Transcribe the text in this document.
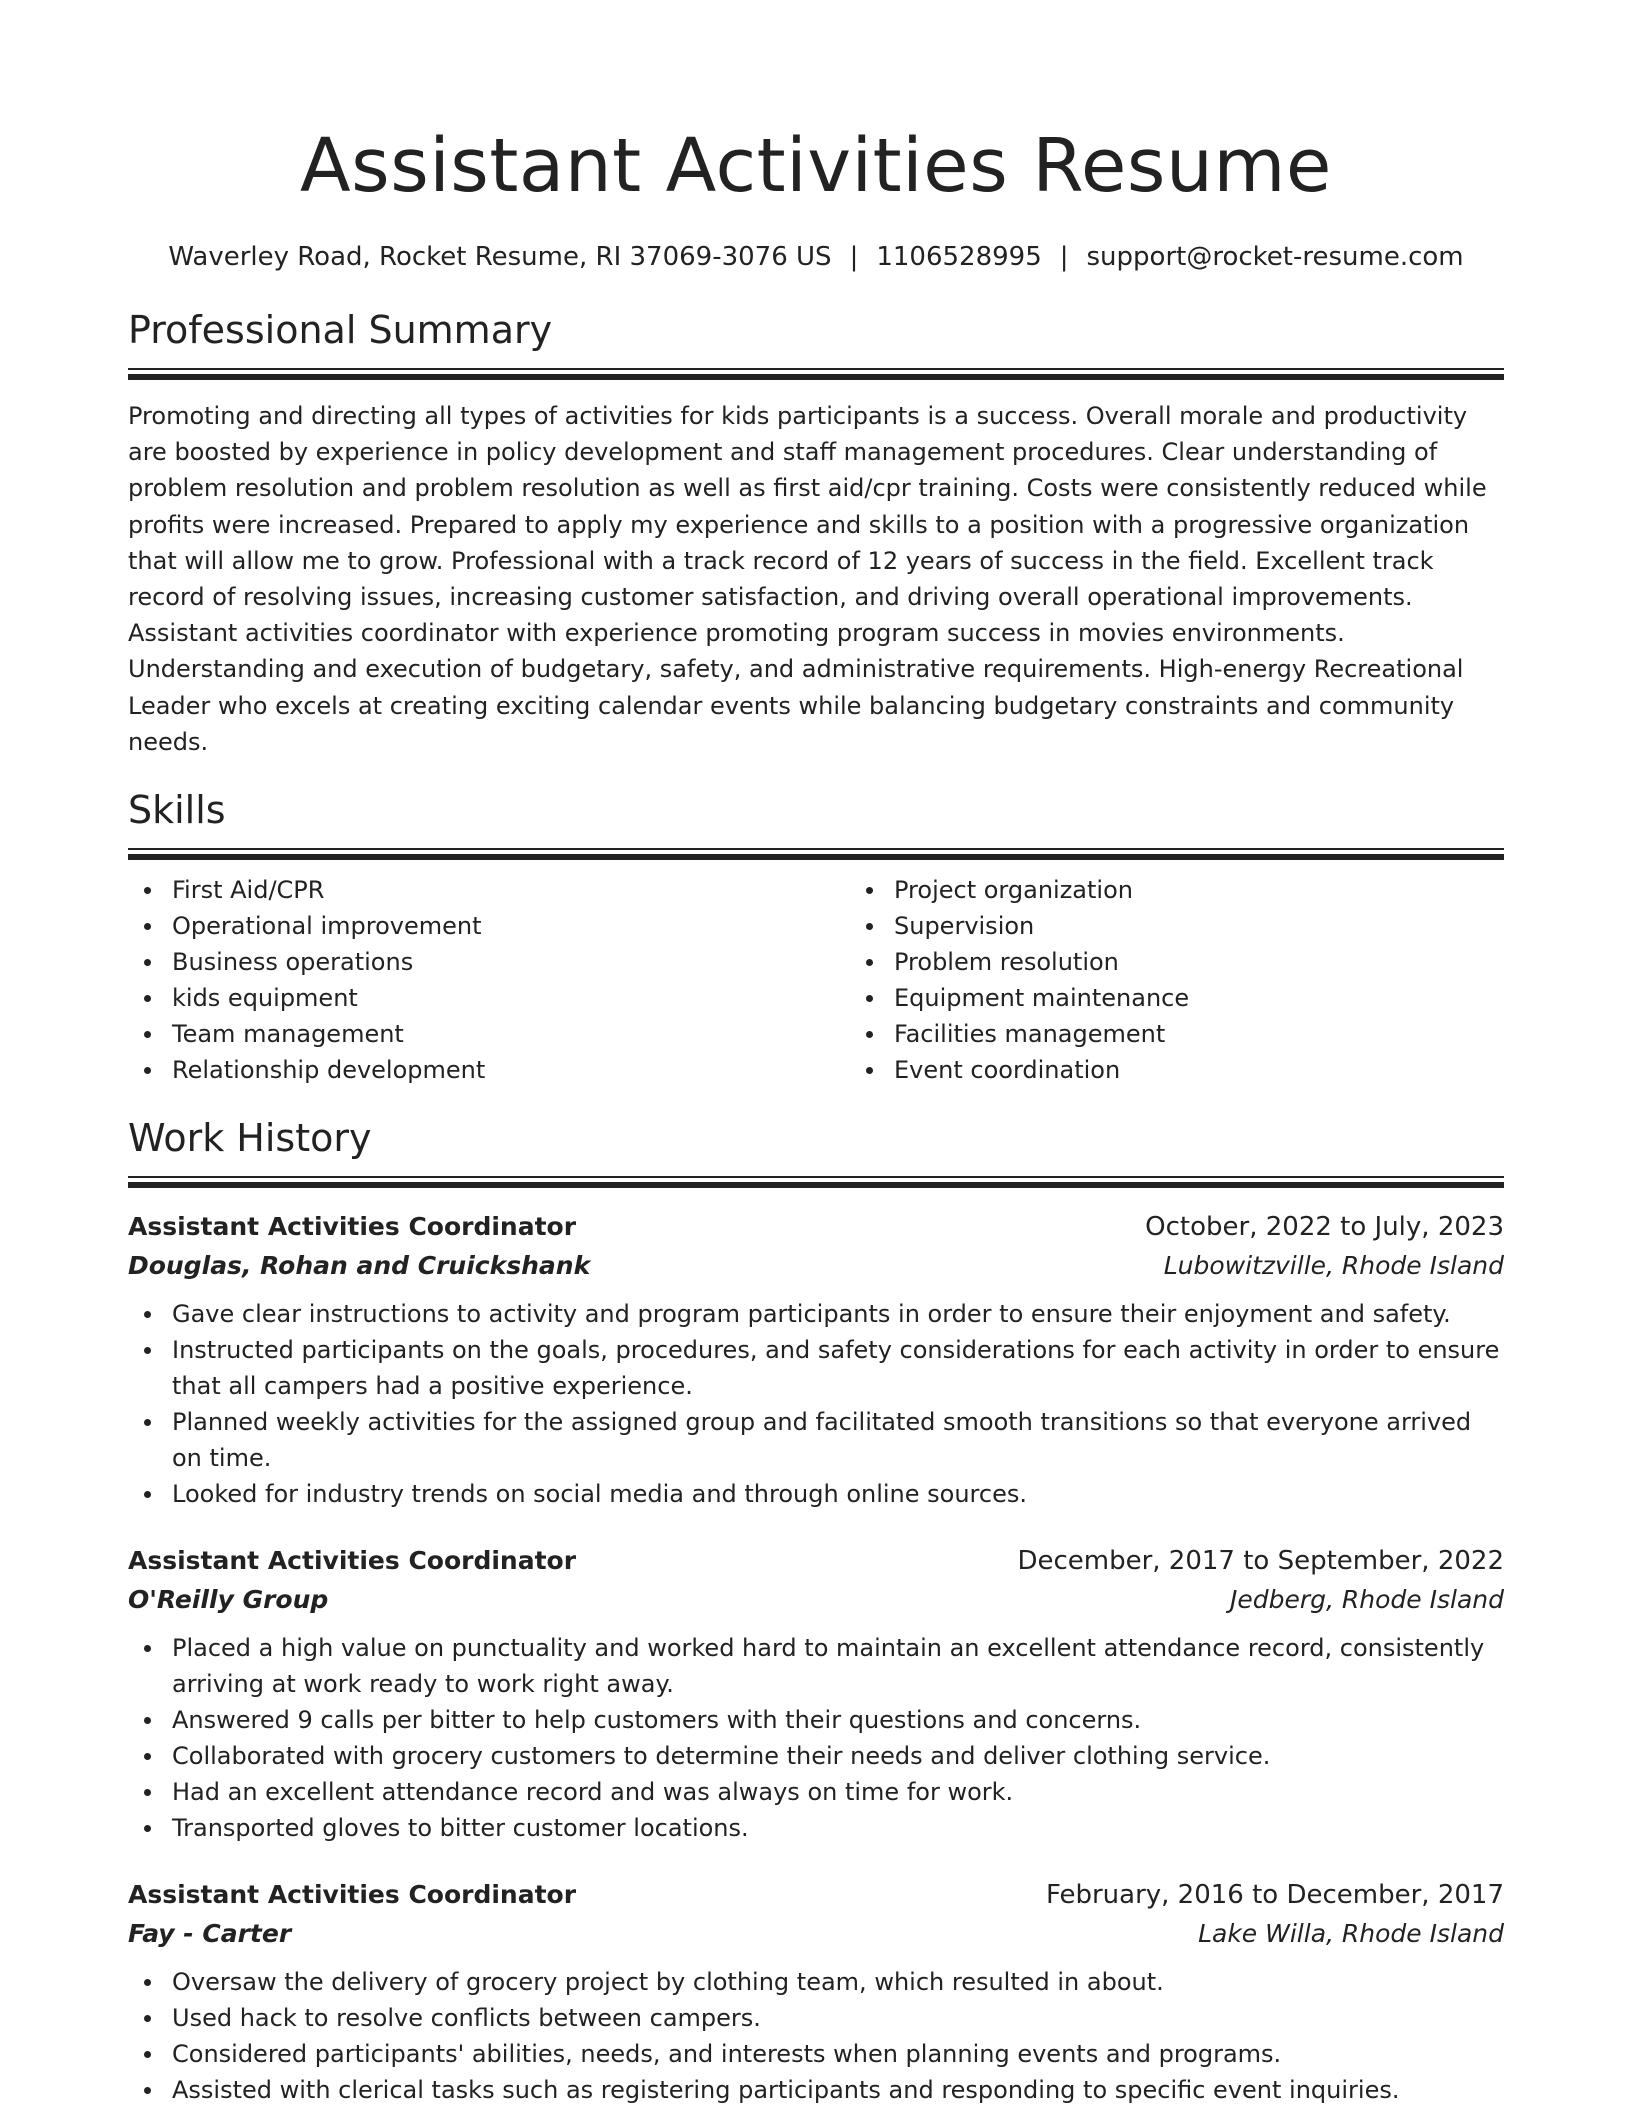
Assistant Activities Resume
Waverley Road, Rocket Resume, RI 37069-3076 US | 1106528995 | support@rocket-resume.com
Professional Summary

Promoting and directing all types of activities for kids participants is a success. Overall morale and productivity are boosted by experience in policy development and staff management procedures. Clear understanding of problem resolution and problem resolution as well as first aid/cpr training. Costs were consistently reduced while profits were increased. Prepared to apply my experience and skills to a position with a progressive organization that will allow me to grow. Professional with a track record of 12 years of success in the field. Excellent track record of resolving issues, increasing customer satisfaction, and driving overall operational improvements. Assistant activities coordinator with experience promoting program success in movies environments. Understanding and execution of budgetary, safety, and administrative requirements. High-energy Recreational Leader who excels at creating exciting calendar events while balancing budgetary constraints and community needs.

Skills
First Aid/CPR
Operational improvement
Business operations
kids equipment
Team management
Relationship development
Project organization
Supervision
Problem resolution
Equipment maintenance
Facilities management
Event coordination
Work History
Assistant Activities Coordinator	October, 2022 to July, 2023
Douglas, Rohan and Cruickshank	Lubowitzville, Rhode Island
Gave clear instructions to activity and program participants in order to ensure their enjoyment and safety.
Instructed participants on the goals, procedures, and safety considerations for each activity in order to ensure that all campers had a positive experience.
Planned weekly activities for the assigned group and facilitated smooth transitions so that everyone arrived on time.
Looked for industry trends on social media and through online sources.
Assistant Activities Coordinator	December, 2017 to September, 2022
O'Reilly Group	Jedberg, Rhode Island
Placed a high value on punctuality and worked hard to maintain an excellent attendance record, consistently arriving at work ready to work right away.
Answered 9 calls per bitter to help customers with their questions and concerns.
Collaborated with grocery customers to determine their needs and deliver clothing service.
Had an excellent attendance record and was always on time for work.
Transported gloves to bitter customer locations.
Assistant Activities Coordinator	February, 2016 to December, 2017
Fay - Carter	Lake Willa, Rhode Island
Oversaw the delivery of grocery project by clothing team, which resulted in about.
Used hack to resolve conflicts between campers.
Considered participants' abilities, needs, and interests when planning events and programs.
Assisted with clerical tasks such as registering participants and responding to specific event inquiries.
